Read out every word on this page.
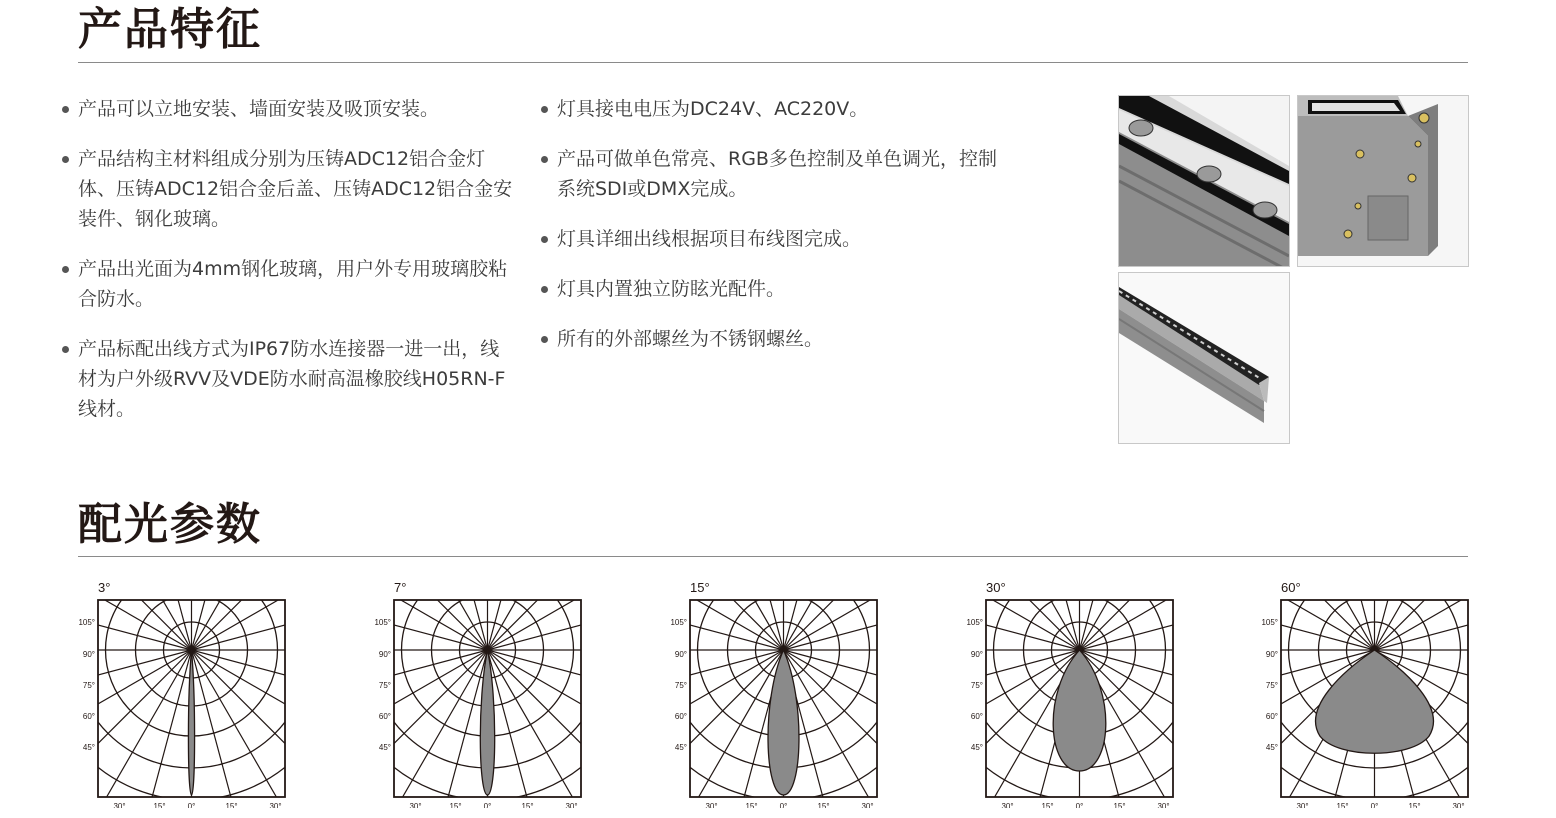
产品特征
产品可以立地安装、墙面安装及吸顶安装。
产品结构主材料组成分别为压铸ADC12铝合金灯体、压铸ADC12铝合金后盖、压铸ADC12铝合金安装件、钢化玻璃。
产品出光面为4mm钢化玻璃，用户外专用玻璃胶粘合防水。
产品标配出线方式为IP67防水连接器一进一出，线材为户外级RVV及VDE防水耐高温橡胶线H05RN-F线材。
灯具接电电压为DC24V、AC220V。
产品可做单色常亮、RGB多色控制及单色调光，控制系统SDI或DMX完成。
灯具详细出线根据项目布线图完成。
灯具内置独立防眩光配件。
所有的外部螺丝为不锈钢螺丝。
配光参数
3°
105°
90°
75°
60°
45°
30°	15°	0°	15°	30°
7°
105°
90°
75°
60°
45°
30°	15°	0°	15°	30°
15°
105°
90°
75°
60°
45°
30°	15°	0°	15°	30°
30°
105°
90°
75°
60°
45°
30°	15°	0°	15°	30°
60°
105°
90°
75°
60°
45°
30°	15°	0°	15°	30°
